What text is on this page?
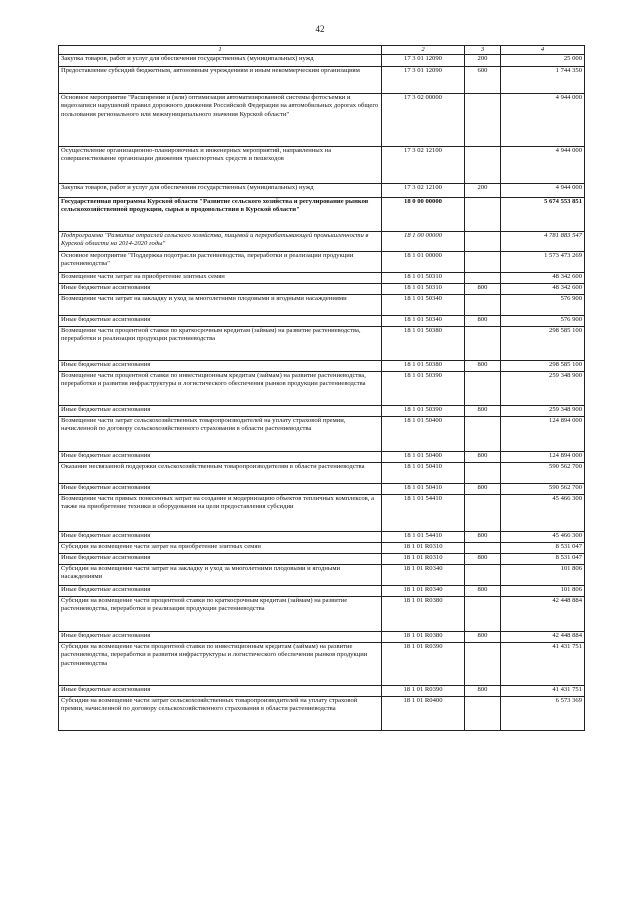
42
1	2	3	4
Закупка товаров, работ и услуг для обеспечения государственных (муниципальных) нужд	17 3 01 12090	200	25 000
Предоставление субсидий бюджетным, автономным учреждениям и иным некоммерческим организациям	17 3 01 12090	600	1 744 350
Основное мероприятие "Расширение и (или) оптимизация автоматизированной системы фотосъемки и видеозаписи нарушений правил дорожного движения Российской Федерации на автомобильных дорогах общего пользования регионального или межмуниципального значения Курской области"	17 3 02 00000		4 944 000
Осуществление организационно-планировочных и инженерных мероприятий, направленных на совершенствование организации движения транспортных средств и пешеходов	17 3 02 12100		4 944 000
Закупка товаров, работ и услуг для обеспечения государственных (муниципальных) нужд	17 3 02 12100	200	4 944 000
Государственная программа Курской области "Развитие сельского хозяйства и регулирование рынков сельскохозяйственной продукции, сырья и продовольствия в Курской области"	18 0 00 00000		5 674 553 851
Подпрограмма "Развитие отраслей сельского хозяйства, пищевой и перерабатывающей промышленности в Курской области на 2014-2020 годы"	18 1 00 00000		4 781 883 547
Основное мероприятие "Поддержка подотрасли растениеводства, переработки и реализации продукции растениеводства"	18 1 01 00000		1 573 473 269
Возмещение части затрат на приобретение элитных семян	18 1 01 50310		48 342 600
Иные бюджетные ассигнования	18 1 01 50310	800	48 342 600
Возмещение части затрат на закладку и уход за многолетними плодовыми и ягодными насаждениями	18 1 01 50340		576 900
Иные бюджетные ассигнования	18 1 01 50340	800	576 900
Возмещение части процентной ставки по краткосрочным кредитам (займам) на развитие растениеводства, переработки и реализации продукции растениеводства	18 1 01 50380		298 585 100
Иные бюджетные ассигнования	18 1 01 50380	800	298 585 100
Возмещение части процентной ставки по инвестиционным кредитам (займам) на развитие растениеводства, переработки и развития инфраструктуры и логистического обеспечения рынков продукции растениеводства	18 1 01 50390		259 348 900
Иные бюджетные ассигнования	18 1 01 50390	800	259 348 900
Возмещение части затрат сельскохозяйственных товаропроизводителей на уплату страховой премии, начисленной по договору сельскохозяйственного страхования в области растениеводства	18 1 01 50400		124 894 000
Иные бюджетные ассигнования	18 1 01 50400	800	124 894 000
Оказание несвязанной поддержки сельскохозяйственным товаропроизводителям в области растениеводства	18 1 01 50410		590 562 700
Иные бюджетные ассигнования	18 1 01 50410	800	590 562 700
Возмещение части прямых понесенных затрат на создание и модернизацию объектов тепличных комплексов, а также на приобретение техники и оборудования на цели предоставления субсидии	18 1 01 54410		45 466 300
Иные бюджетные ассигнования	18 1 01 54410	800	45 466 300
Субсидии на возмещение части затрат на приобретение элитных семян	18 1 01 R0310		8 531 047
Иные бюджетные ассигнования	18 1 01 R0310	800	8 531 047
Субсидии на возмещение части затрат на закладку и уход за многолетними плодовыми и ягодными насаждениями	18 1 01 R0340		101 806
Иные бюджетные ассигнования	18 1 01 R0340	800	101 806
Субсидии на возмещение части процентной ставки по краткосрочным кредитам (займам) на развитие растениеводства, переработки и реализации продукции растениеводства	18 1 01 R0380		42 448 884
Иные бюджетные ассигнования	18 1 01 R0380	800	42 448 884
Субсидии на возмещение части процентной ставки по инвестиционным кредитам (займам) на развитие растениеводства, переработки и развития инфраструктуры и логистического обеспечения рынков продукции растениеводства	18 1 01 R0390		41 431 751
Иные бюджетные ассигнования	18 1 01 R0390	800	41 431 751
Субсидии на возмещение части затрат сельскохозяйственных товаропроизводителей на уплату страховой премии, начисленной по договору сельскохозяйственного страхования в области растениеводства	18 1 01 R0400		6 573 369
